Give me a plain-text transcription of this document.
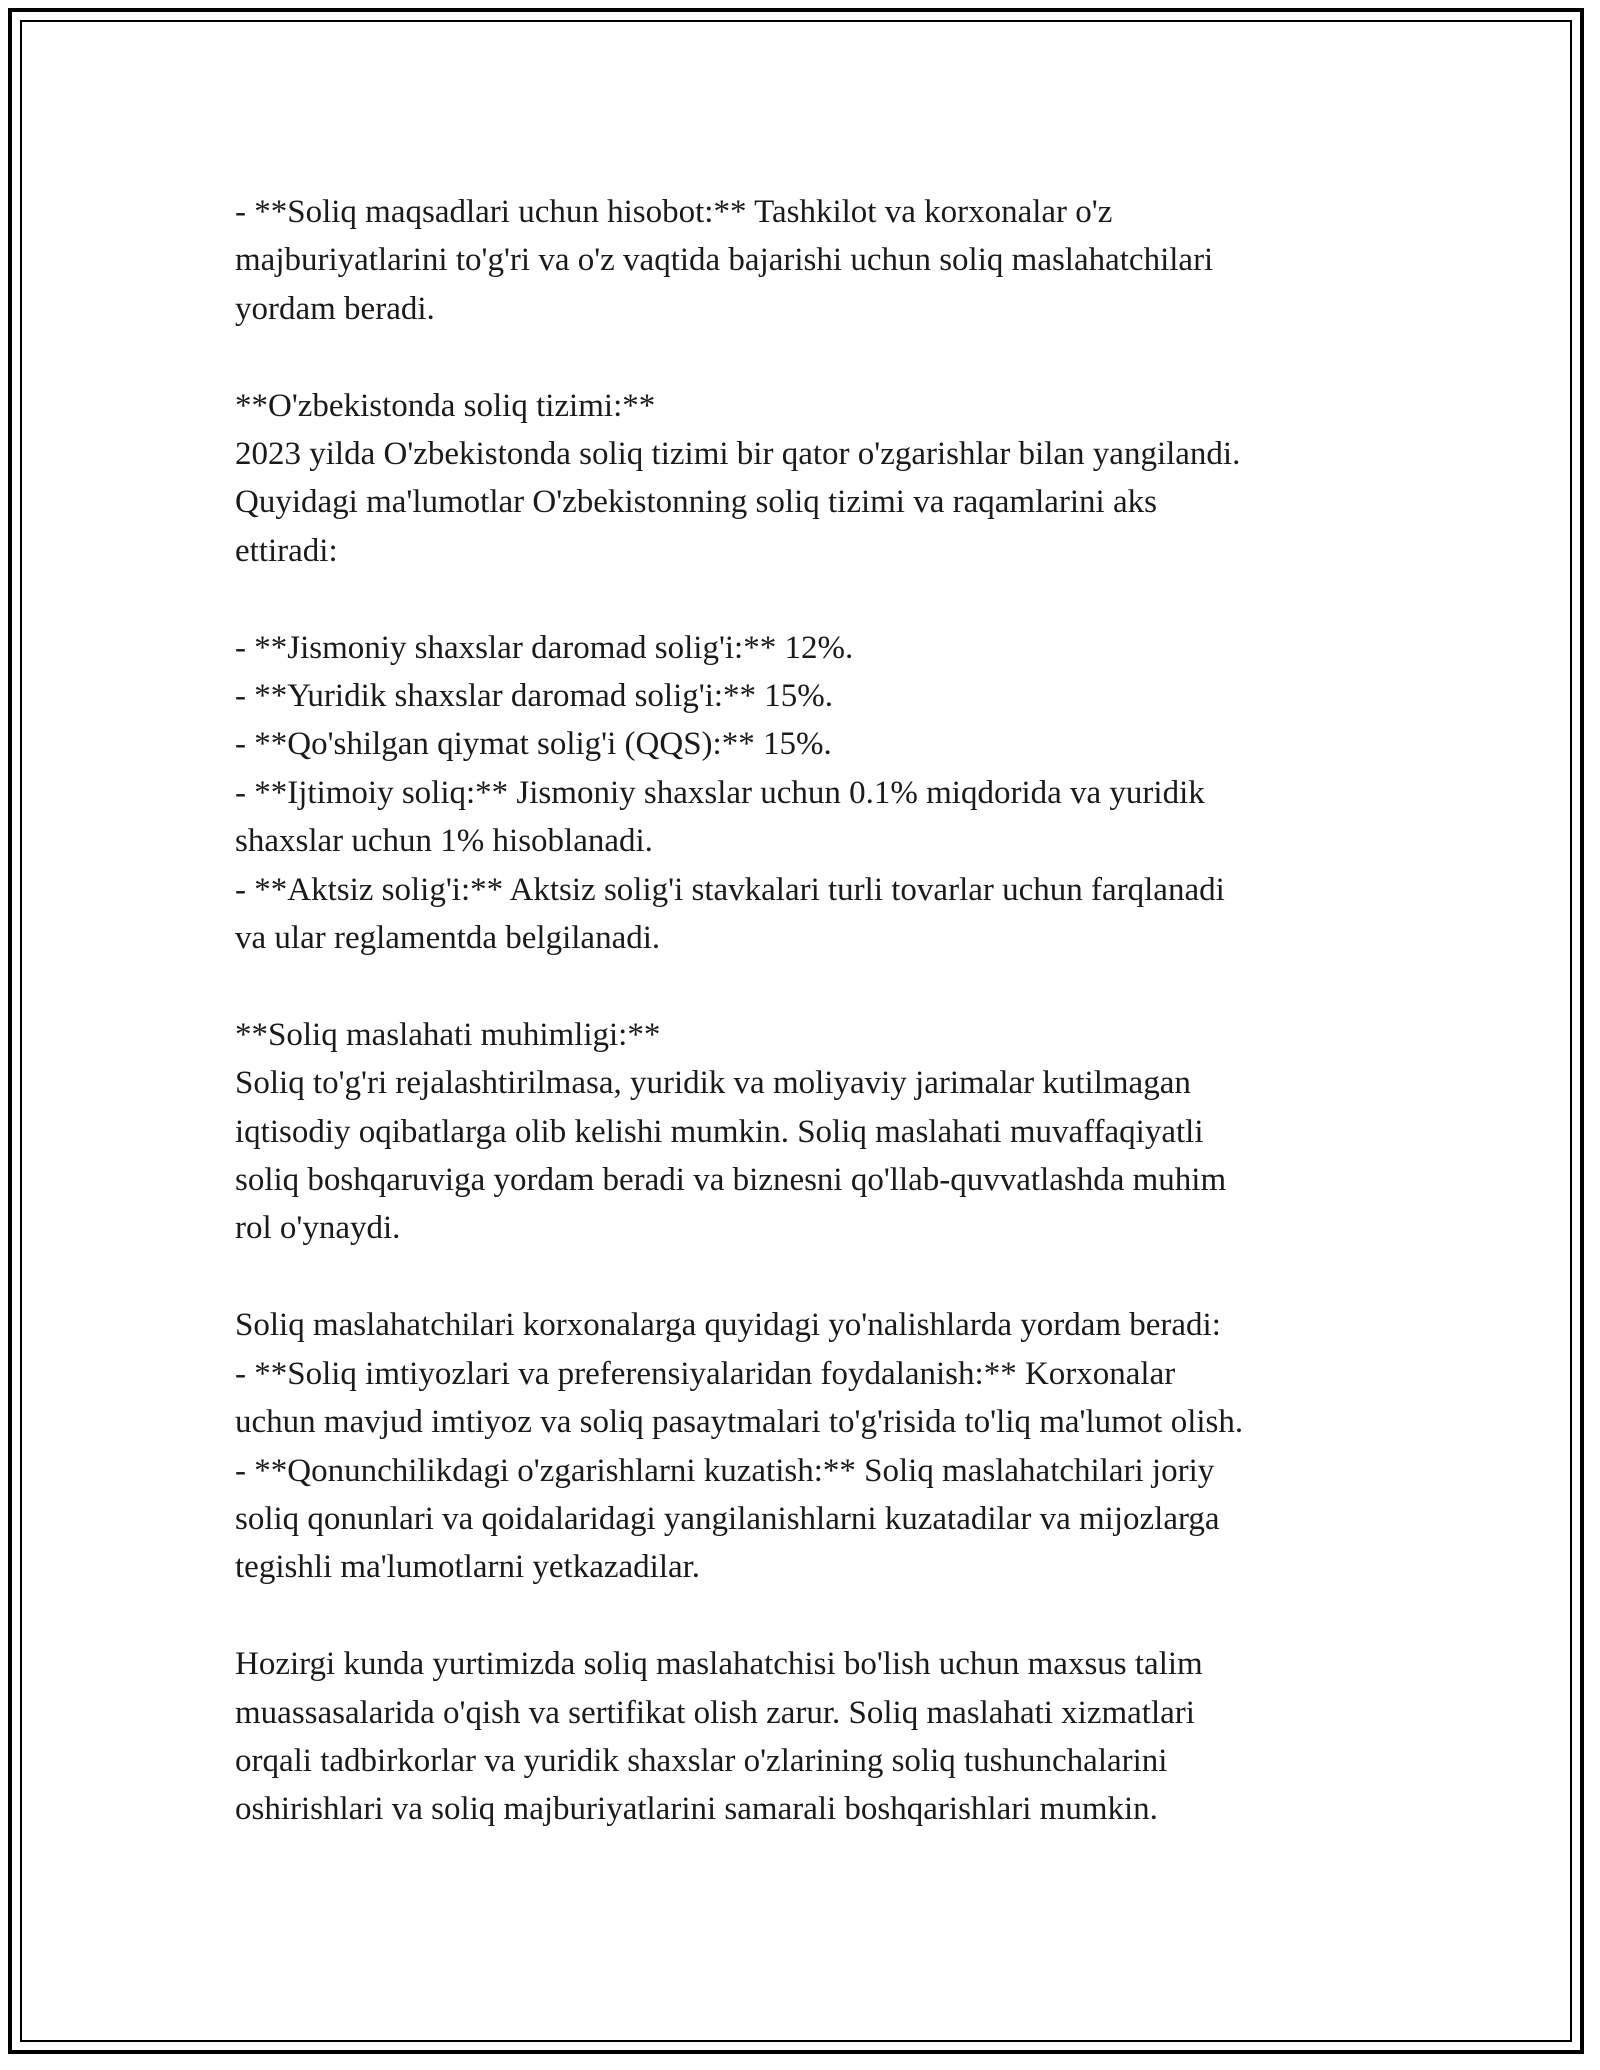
- **Soliq maqsadlari uchun hisobot:** Tashkilot va korxonalar o'z
majburiyatlarini to'g'ri va o'z vaqtida bajarishi uchun soliq maslahatchilari
yordam beradi.
**O'zbekistonda soliq tizimi:**
2023 yilda O'zbekistonda soliq tizimi bir qator o'zgarishlar bilan yangilandi.
Quyidagi ma'lumotlar O'zbekistonning soliq tizimi va raqamlarini aks
ettiradi:
- **Jismoniy shaxslar daromad solig'i:** 12%.
- **Yuridik shaxslar daromad solig'i:** 15%.
- **Qo'shilgan qiymat solig'i (QQS):** 15%.
- **Ijtimoiy soliq:** Jismoniy shaxslar uchun 0.1% miqdorida va yuridik
shaxslar uchun 1% hisoblanadi.
- **Aktsiz solig'i:** Aktsiz solig'i stavkalari turli tovarlar uchun farqlanadi
va ular reglamentda belgilanadi.
**Soliq maslahati muhimligi:**
Soliq to'g'ri rejalashtirilmasa, yuridik va moliyaviy jarimalar kutilmagan
iqtisodiy oqibatlarga olib kelishi mumkin. Soliq maslahati muvaffaqiyatli
soliq boshqaruviga yordam beradi va biznesni qo'llab-quvvatlashda muhim
rol o'ynaydi.
Soliq maslahatchilari korxonalarga quyidagi yo'nalishlarda yordam beradi:
- **Soliq imtiyozlari va preferensiyalaridan foydalanish:** Korxonalar
uchun mavjud imtiyoz va soliq pasaytmalari to'g'risida to'liq ma'lumot olish.
- **Qonunchilikdagi o'zgarishlarni kuzatish:** Soliq maslahatchilari joriy
soliq qonunlari va qoidalaridagi yangilanishlarni kuzatadilar va mijozlarga
tegishli ma'lumotlarni yetkazadilar.
Hozirgi kunda yurtimizda soliq maslahatchisi bo'lish uchun maxsus talim
muassasalarida o'qish va sertifikat olish zarur. Soliq maslahati xizmatlari
orqali tadbirkorlar va yuridik shaxslar o'zlarining soliq tushunchalarini
oshirishlari va soliq majburiyatlarini samarali boshqarishlari mumkin.
